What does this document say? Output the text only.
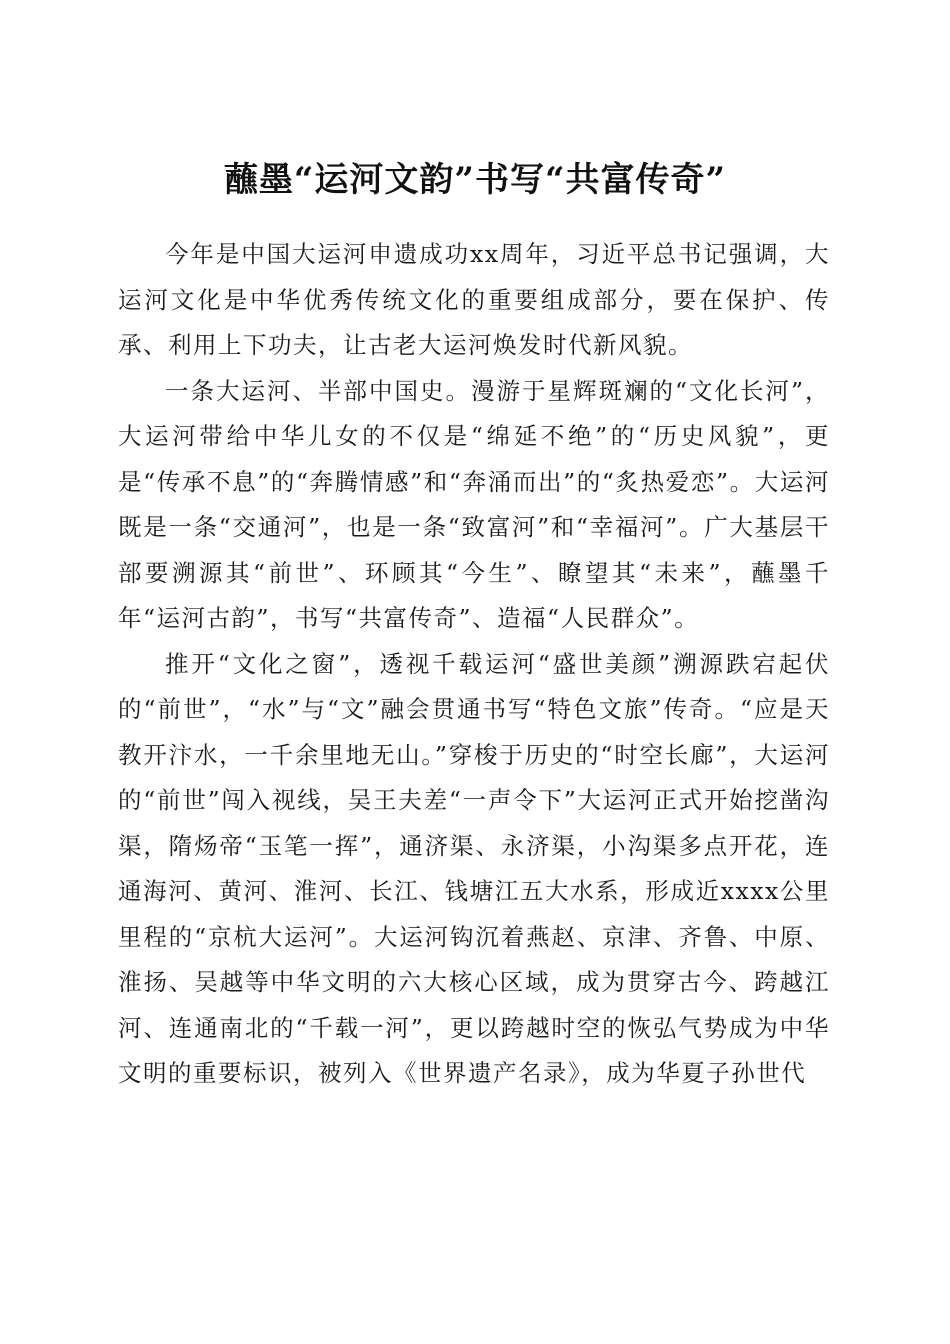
蘸墨“运河文韵”书写“共富传奇”

今年是中国大运河申遗成功xx周年，习近平总书记强调，大运河文化是中华优秀传统文化的重要组成部分，要在保护、传承、利用上下功夫，让古老大运河焕发时代新风貌。

一条大运河、半部中国史。漫游于星辉斑斓的“文化长河”，大运河带给中华儿女的不仅是“绵延不绝”的“历史风貌”，更是“传承不息”的“奔腾情感”和“奔涌而出”的“炙热爱恋”。大运河既是一条“交通河”，也是一条“致富河”和“幸福河”。广大基层干部要溯源其“前世”、环顾其“今生”、瞭望其“未来”，蘸墨千年“运河古韵”，书写“共富传奇”、造福“人民群众”。

推开“文化之窗”，透视千载运河“盛世美颜”溯源跌宕起伏的“前世”，“水”与“文”融会贯通书写“特色文旅”传奇。“应是天教开汴水，一千余里地无山。”穿梭于历史的“时空长廊”，大运河的“前世”闯入视线，吴王夫差“一声令下”大运河正式开始挖凿沟渠，隋炀帝“玉笔一挥”，通济渠、永济渠，小沟渠多点开花，连通海河、黄河、淮河、长江、钱塘江五大水系，形成近xxxx公里里程的“京杭大运河”。大运河钩沉着燕赵、京津、齐鲁、中原、淮扬、吴越等中华文明的六大核心区域，成为贯穿古今、跨越江河、连通南北的“千载一河”，更以跨越时空的恢弘气势成为中华文明的重要标识，被列入《世界遗产名录》，成为华夏子孙世代
